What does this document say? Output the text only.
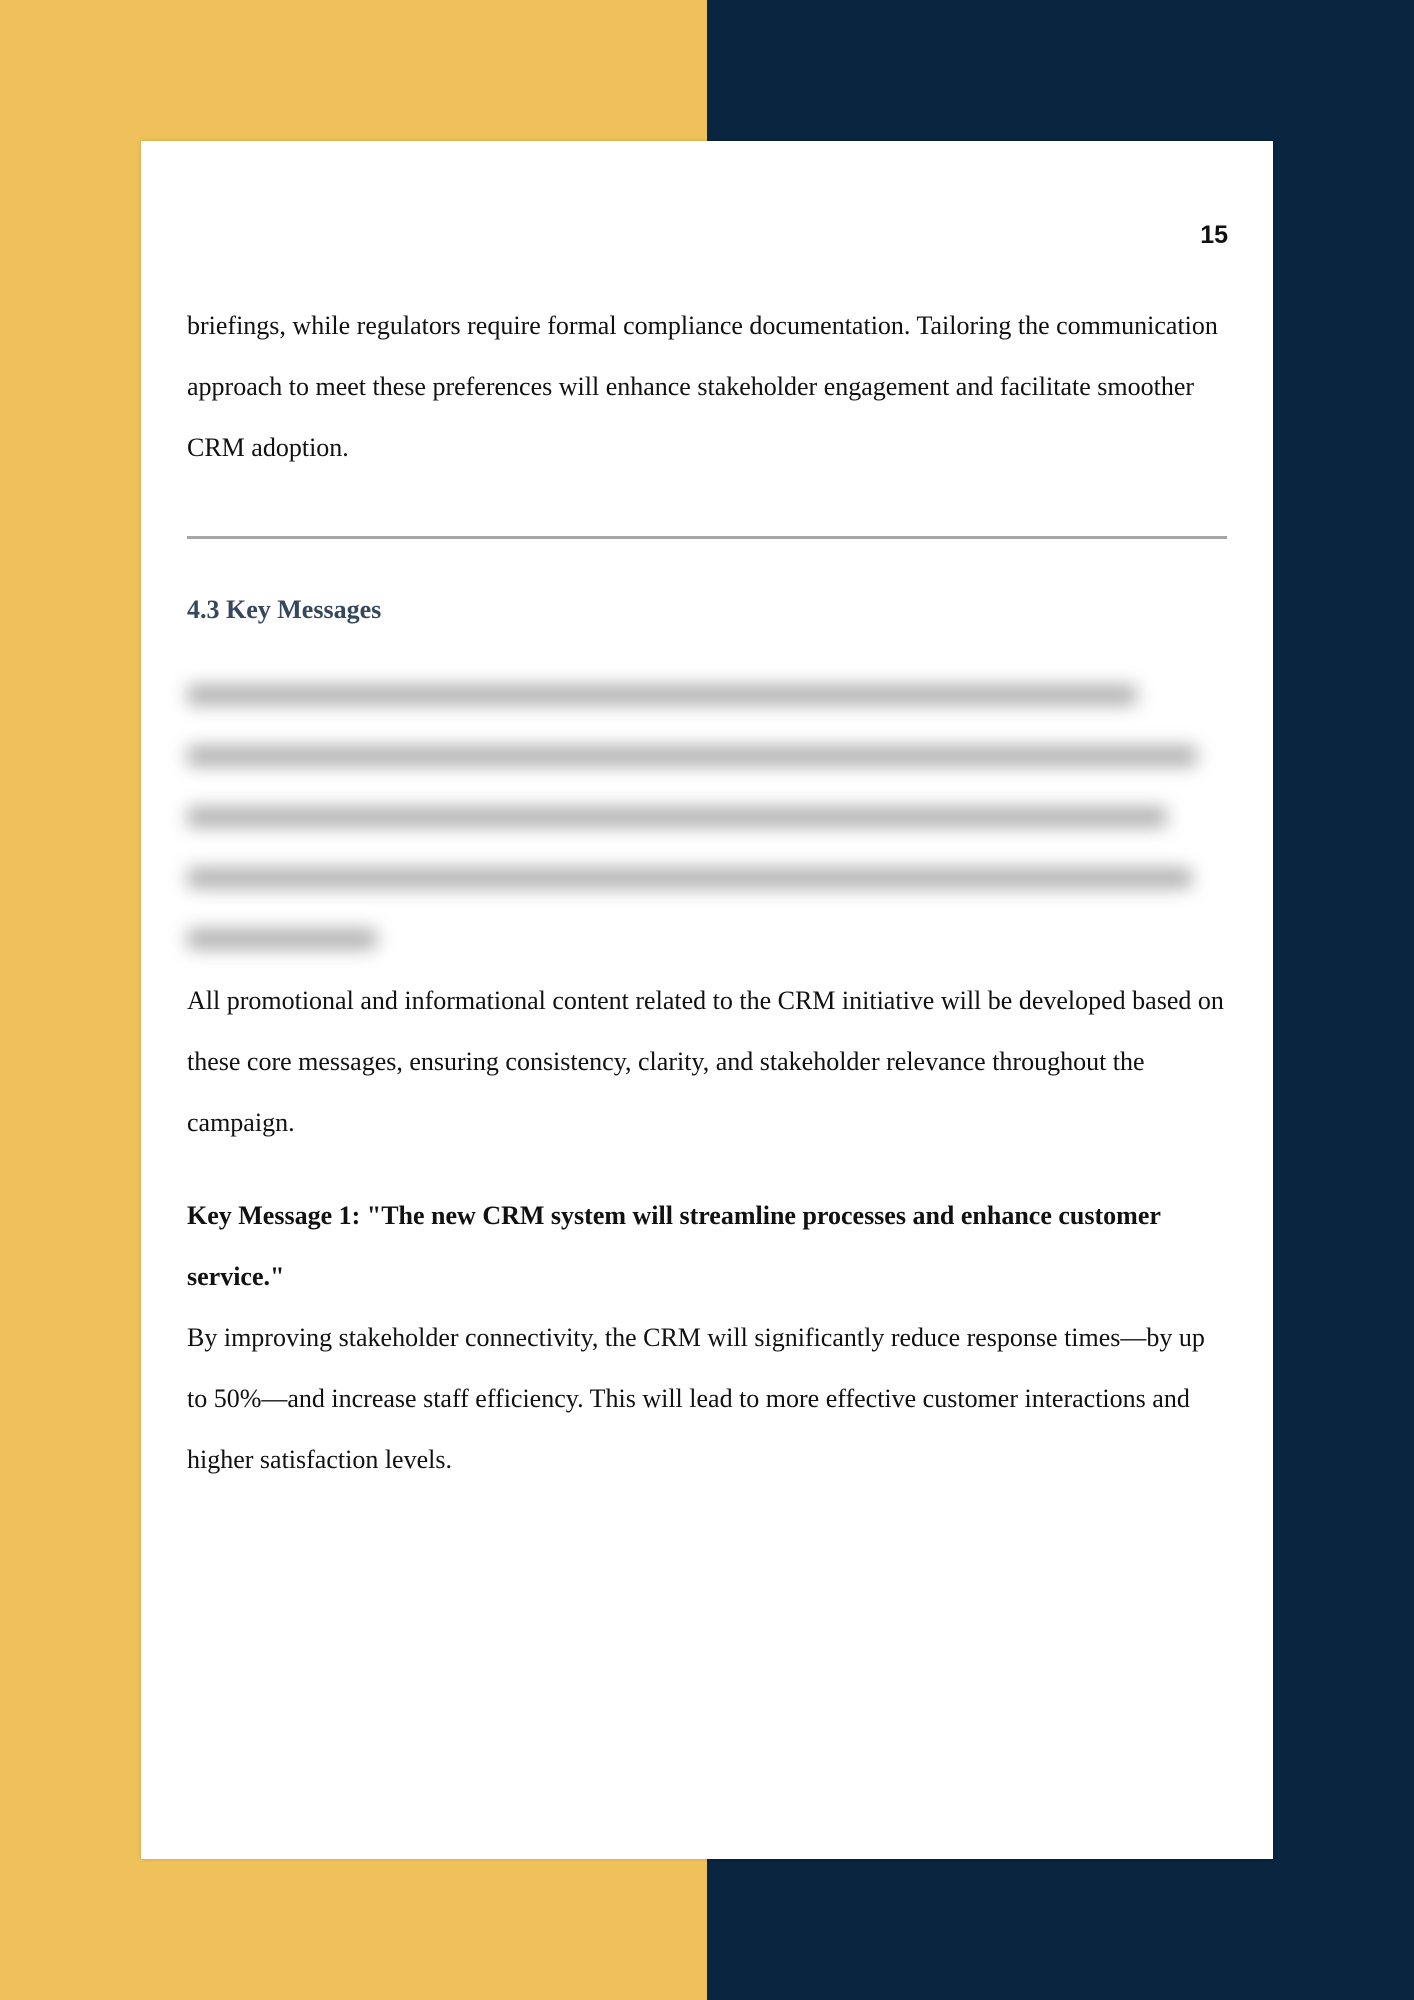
15

briefings, while regulators require formal compliance documentation. Tailoring the communication approach to meet these preferences will enhance stakeholder engagement and facilitate smoother CRM adoption.

4.3 Key Messages

All promotional and informational content related to the CRM initiative will be developed based on these core messages, ensuring consistency, clarity, and stakeholder relevance throughout the campaign.

Key Message 1: "The new CRM system will streamline processes and enhance customer service."

By improving stakeholder connectivity, the CRM will significantly reduce response times—by up to 50%—and increase staff efficiency. This will lead to more effective customer interactions and higher satisfaction levels.
